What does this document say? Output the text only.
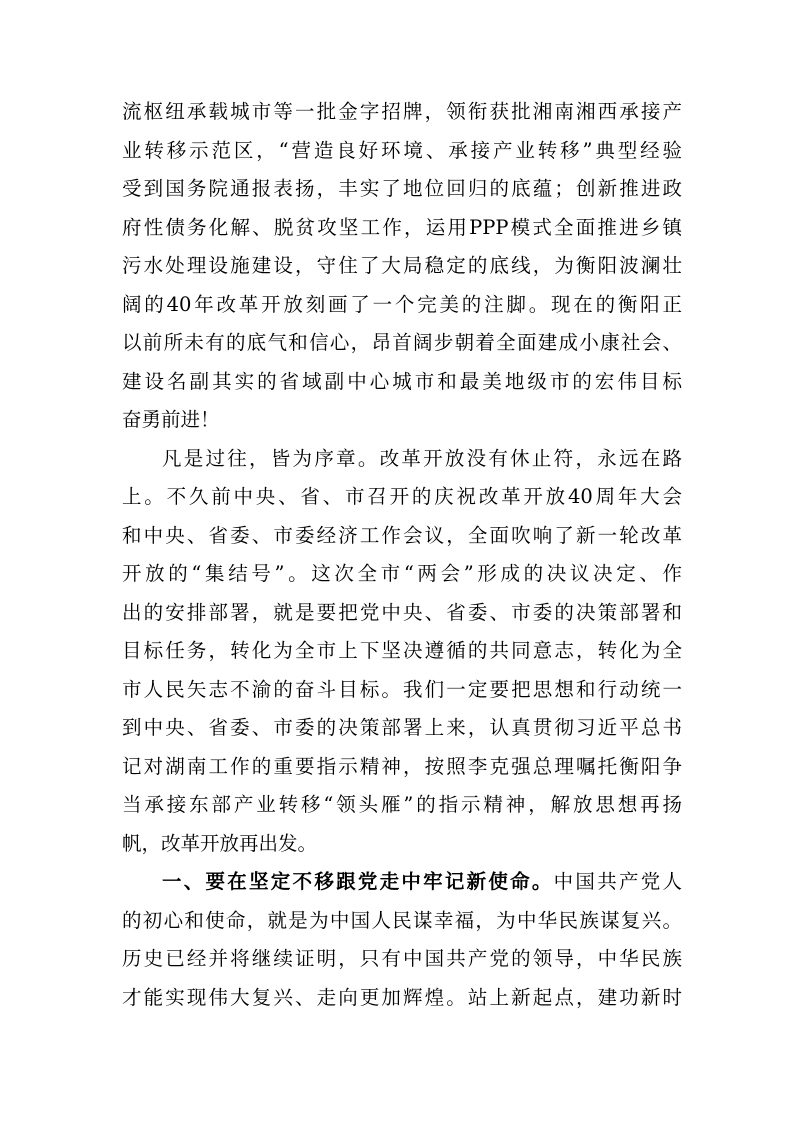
流枢纽承载城市等一批金字招牌，领衔获批湘南湘西承接产
业转移示范区，“营造良好环境、承接产业转移”典型经验
受到国务院通报表扬，丰实了地位回归的底蕴；创新推进政
府性债务化解、脱贫攻坚工作，运用PPP模式全面推进乡镇
污水处理设施建设，守住了大局稳定的底线，为衡阳波澜壮
阔的40年改革开放刻画了一个完美的注脚。现在的衡阳正
以前所未有的底气和信心，昂首阔步朝着全面建成小康社会、
建设名副其实的省域副中心城市和最美地级市的宏伟目标
奋勇前进！
凡是过往，皆为序章。改革开放没有休止符，永远在路
上。不久前中央、省、市召开的庆祝改革开放40周年大会
和中央、省委、市委经济工作会议，全面吹响了新一轮改革
开放的“集结号”。这次全市“两会”形成的决议决定、作
出的安排部署，就是要把党中央、省委、市委的决策部署和
目标任务，转化为全市上下坚决遵循的共同意志，转化为全
市人民矢志不渝的奋斗目标。我们一定要把思想和行动统一
到中央、省委、市委的决策部署上来，认真贯彻习近平总书
记对湖南工作的重要指示精神，按照李克强总理嘱托衡阳争
当承接东部产业转移“领头雁”的指示精神，解放思想再扬
帆，改革开放再出发。
一、要在坚定不移跟党走中牢记新使命。中国共产党人
的初心和使命，就是为中国人民谋幸福，为中华民族谋复兴。
历史已经并将继续证明，只有中国共产党的领导，中华民族
才能实现伟大复兴、走向更加辉煌。站上新起点，建功新时
